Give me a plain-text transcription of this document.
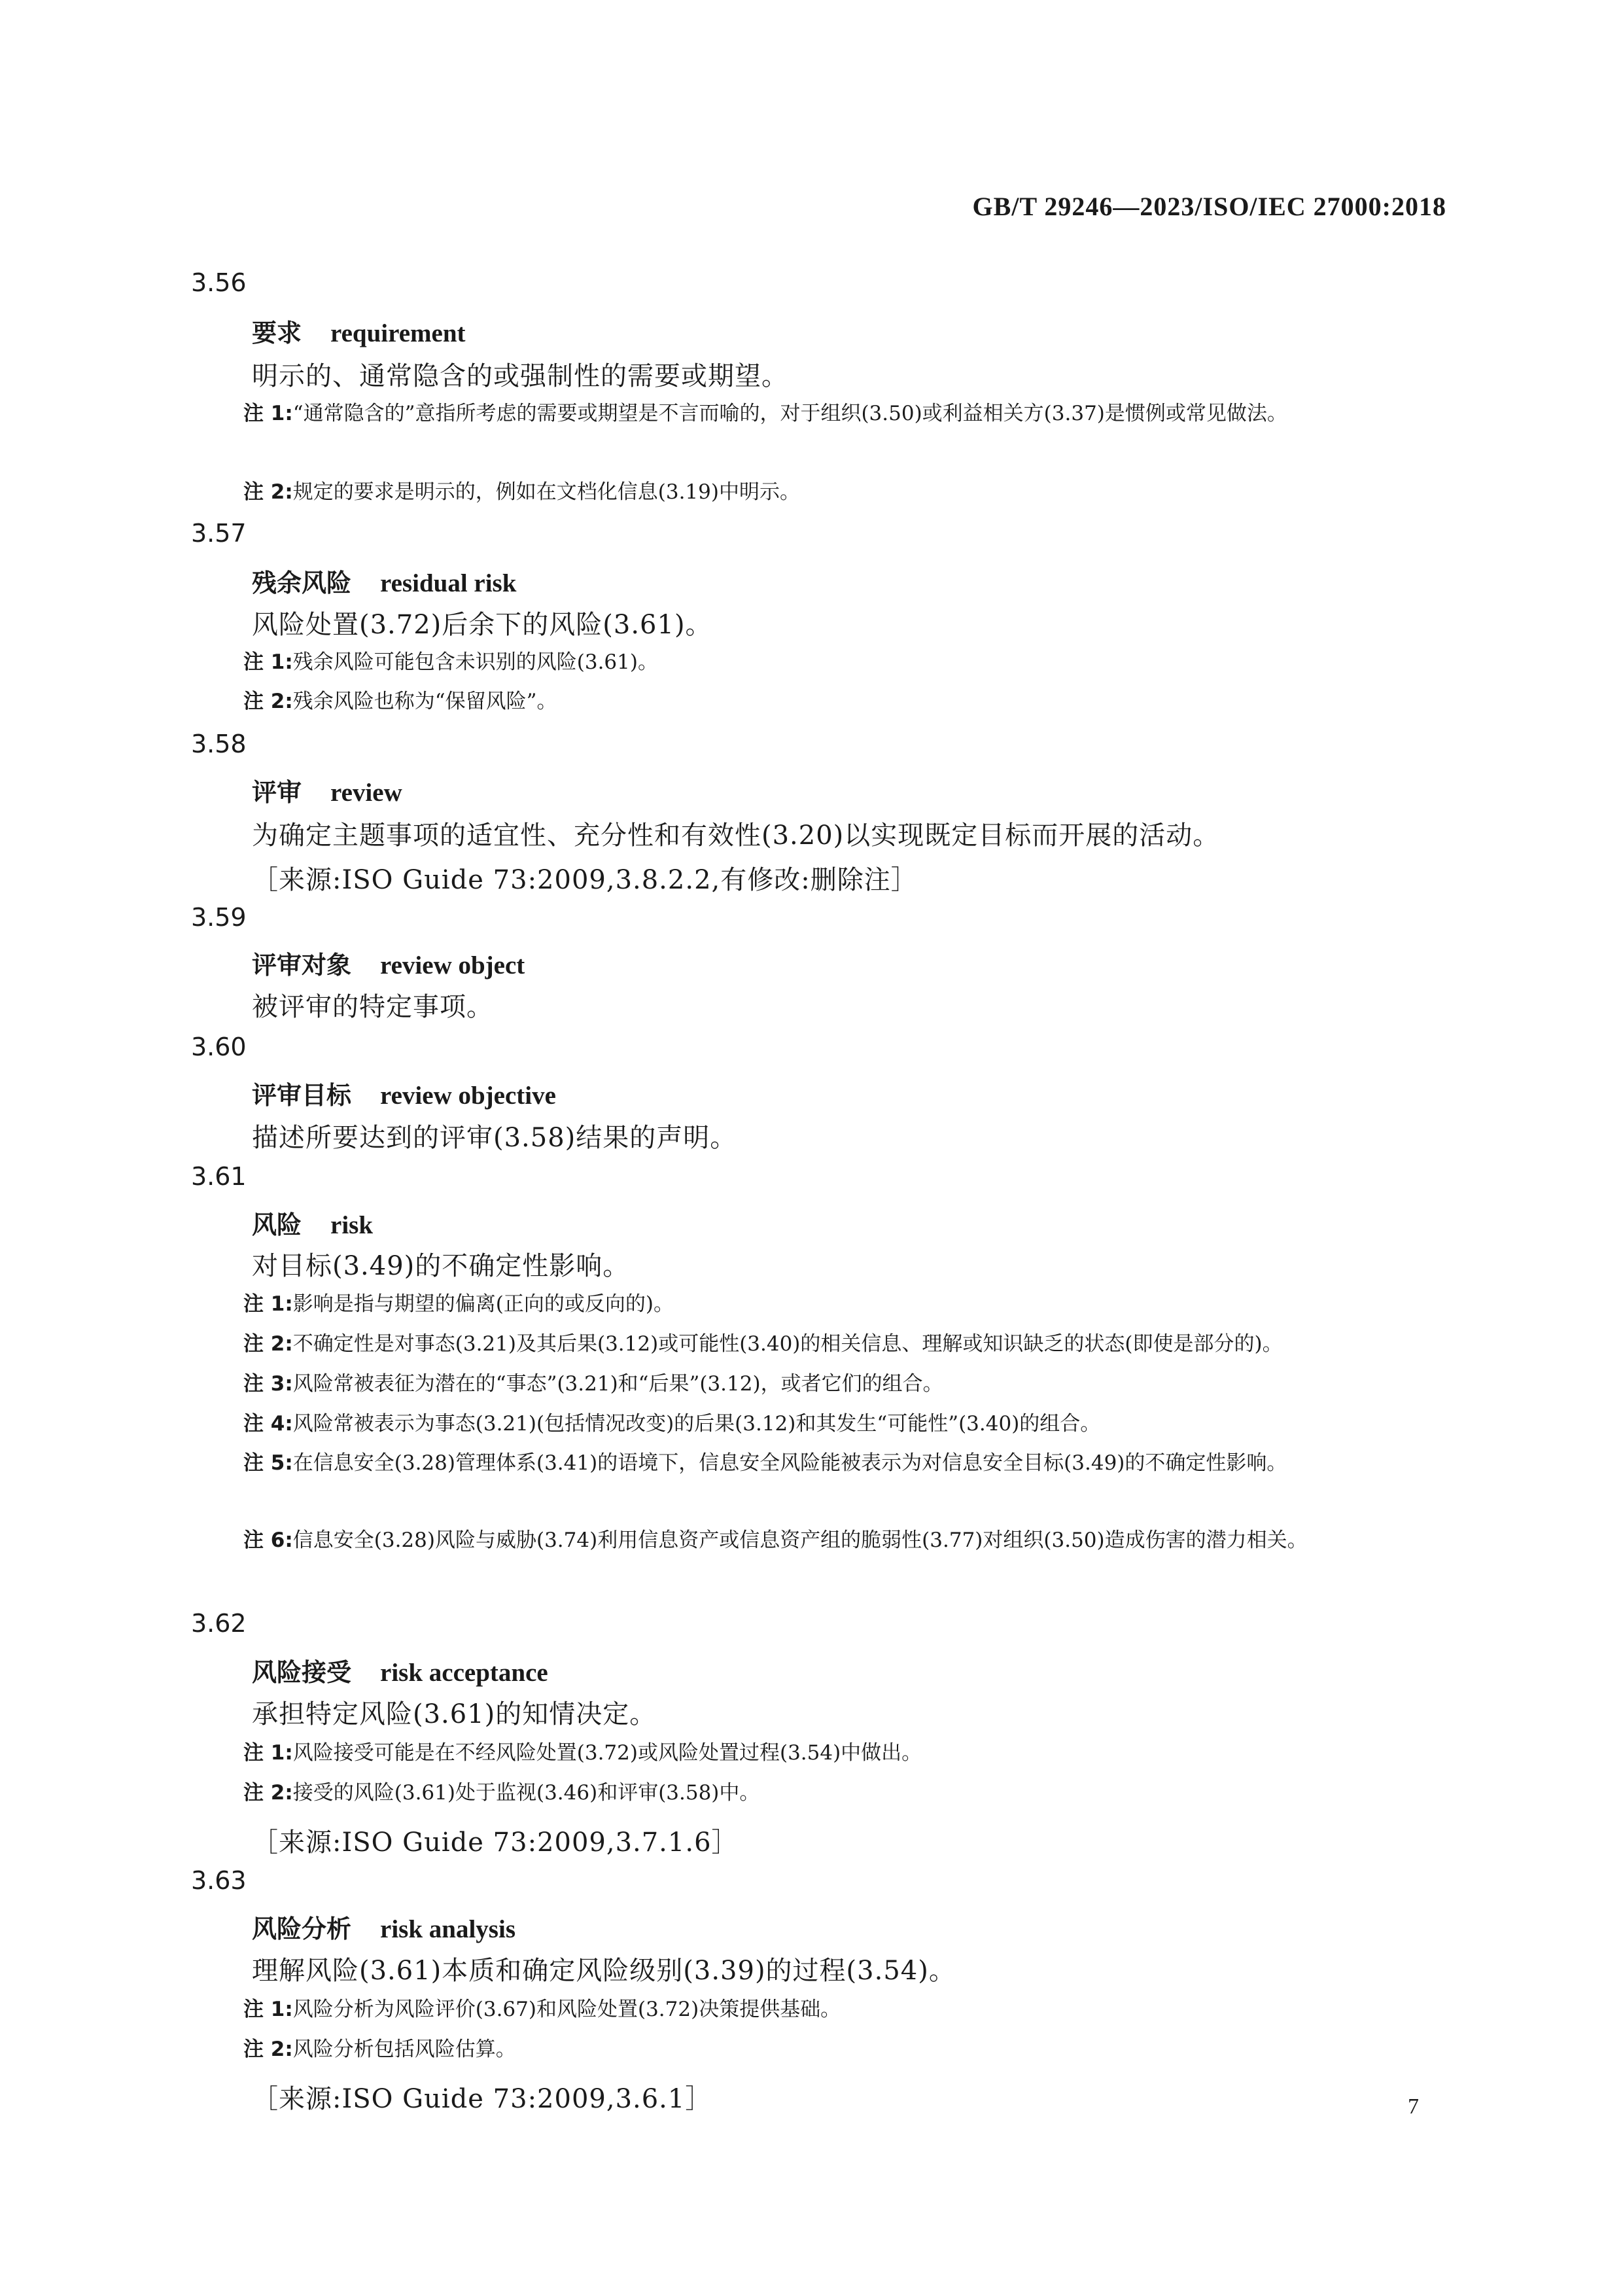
GB/T 29246—2023/ISO/IEC 27000:2018
3.56
要求 requirement
明示的、通常隐含的或强制性的需要或期望。
注 1:“通常隐含的”意指所考虑的需要或期望是不言而喻的，对于组织(3.50)或利益相关方(3.37)是惯例或常见做法。
注 2:规定的要求是明示的，例如在文档化信息(3.19)中明示。
3.57
残余风险 residual risk
风险处置(3.72)后余下的风险(3.61)。
注 1:残余风险可能包含未识别的风险(3.61)。
注 2:残余风险也称为“保留风险”。
3.58
评审 review
为确定主题事项的适宜性、充分性和有效性(3.20)以实现既定目标而开展的活动。
［来源:ISO Guide 73:2009,3.8.2.2,有修改:删除注］
3.59
评审对象 review object
被评审的特定事项。
3.60
评审目标 review objective
描述所要达到的评审(3.58)结果的声明。
3.61
风险 risk
对目标(3.49)的不确定性影响。
注 1:影响是指与期望的偏离(正向的或反向的)。
注 2:不确定性是对事态(3.21)及其后果(3.12)或可能性(3.40)的相关信息、理解或知识缺乏的状态(即使是部分的)。
注 3:风险常被表征为潜在的“事态”(3.21)和“后果”(3.12)，或者它们的组合。
注 4:风险常被表示为事态(3.21)(包括情况改变)的后果(3.12)和其发生“可能性”(3.40)的组合。
注 5:在信息安全(3.28)管理体系(3.41)的语境下，信息安全风险能被表示为对信息安全目标(3.49)的不确定性影响。
注 6:信息安全(3.28)风险与威胁(3.74)利用信息资产或信息资产组的脆弱性(3.77)对组织(3.50)造成伤害的潜力相关。
3.62
风险接受 risk acceptance
承担特定风险(3.61)的知情决定。
注 1:风险接受可能是在不经风险处置(3.72)或风险处置过程(3.54)中做出。
注 2:接受的风险(3.61)处于监视(3.46)和评审(3.58)中。
［来源:ISO Guide 73:2009,3.7.1.6］
3.63
风险分析 risk analysis
理解风险(3.61)本质和确定风险级别(3.39)的过程(3.54)。
注 1:风险分析为风险评价(3.67)和风险处置(3.72)决策提供基础。
注 2:风险分析包括风险估算。
［来源:ISO Guide 73:2009,3.6.1］	7
